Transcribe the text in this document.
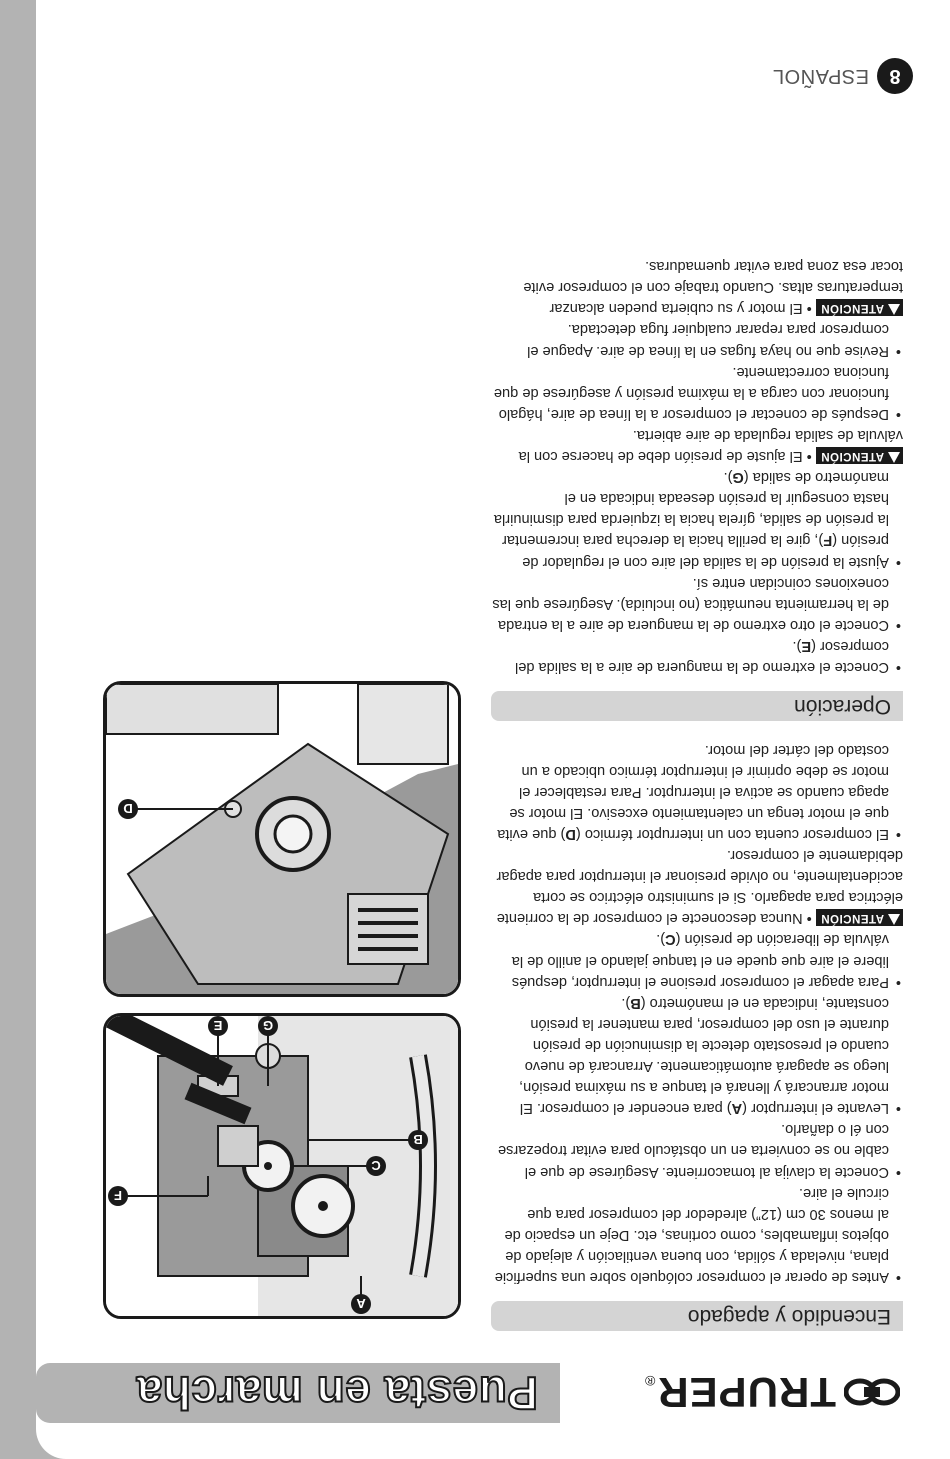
TRUPER
®
Puesta en marcha
Encendido y apagado
• Antes de operar el compresor colóquelo sobre una superficie plana, nivelada y sólida, con buena ventilación y alejado de objetos inflamables, como cortinas, etc. Deje un espacio de al menos 30 cm (12”) alrededor del compresor para que circule el aire.
• Conecte la clavija al tomacorriente. Asegúrese de que el cable no se convierta en un obstáculo para evitar tropezarse con él o dañarlo.
• Levante el interruptor (A) para encender el compresor. El motor arrancará y llenará el tanque a su máxima presión, luego se apagará automáticamente. Arrancará de nuevo cuando el presostato detecte la disminución de presión durante el uso del compresor, para mantener la presión constante, indicada en el manómetro (B).
• Para apagar el compresor presione el interruptor, después libere el aire que quede en el tanque jalando el anillo de la válvula de liberación de presión (C).
ATENCIÓN • Nunca desconecte el compresor de la corriente eléctrica para apagarlo. Si el suministro eléctrico se corta accidentalmente, no olvide presionar el interruptor para apagar debidamente el compresor.
• El compresor cuenta con un interruptor térmico (D) que evita que el motor tenga un calentamiento excesivo. El motor se apaga cuando se activa el interruptor. Para restablecer el motor se debe oprimir el interruptor térmico ubicado a un costado del cárter del motor.
Operación
• Conecte el extremo de la manguera de aire a la salida del compresor (E).
• Conecte el otro extremo de la manguera de aire a la entrada de la herramienta neumática (no incluida). Asegúrese que las conexiones coincidan entre sí.
• Ajuste la presión de la salida del aire con el regulador de presión (F), gire la perilla hacia la derecha para incrementar la presión de salida, gírela hacia la izquierda para disminuirla hasta conseguir la presión deseada indicada en el manómetro de salida (G).
ATENCIÓN • El ajuste de presión debe de hacerse con la válvula de salida regulada de aire abierta.
• Después de conectar el compresor a la línea de aire, hágalo funcionar con carga a la máxima presión y asegúrese de que funciona correctamente.
• Revise que no haya fugas en la línea de aire. Apague el compresor para reparar cualquier fuga detectada.
ATENCIÓN • El motor y su cubierta pueden alcanzar temperaturas altas. Cuando trabaje con el compresor evite tocar esa zona para evitar quemaduras.
A
C
F
B
G
E
D
8
ESPAÑOL
